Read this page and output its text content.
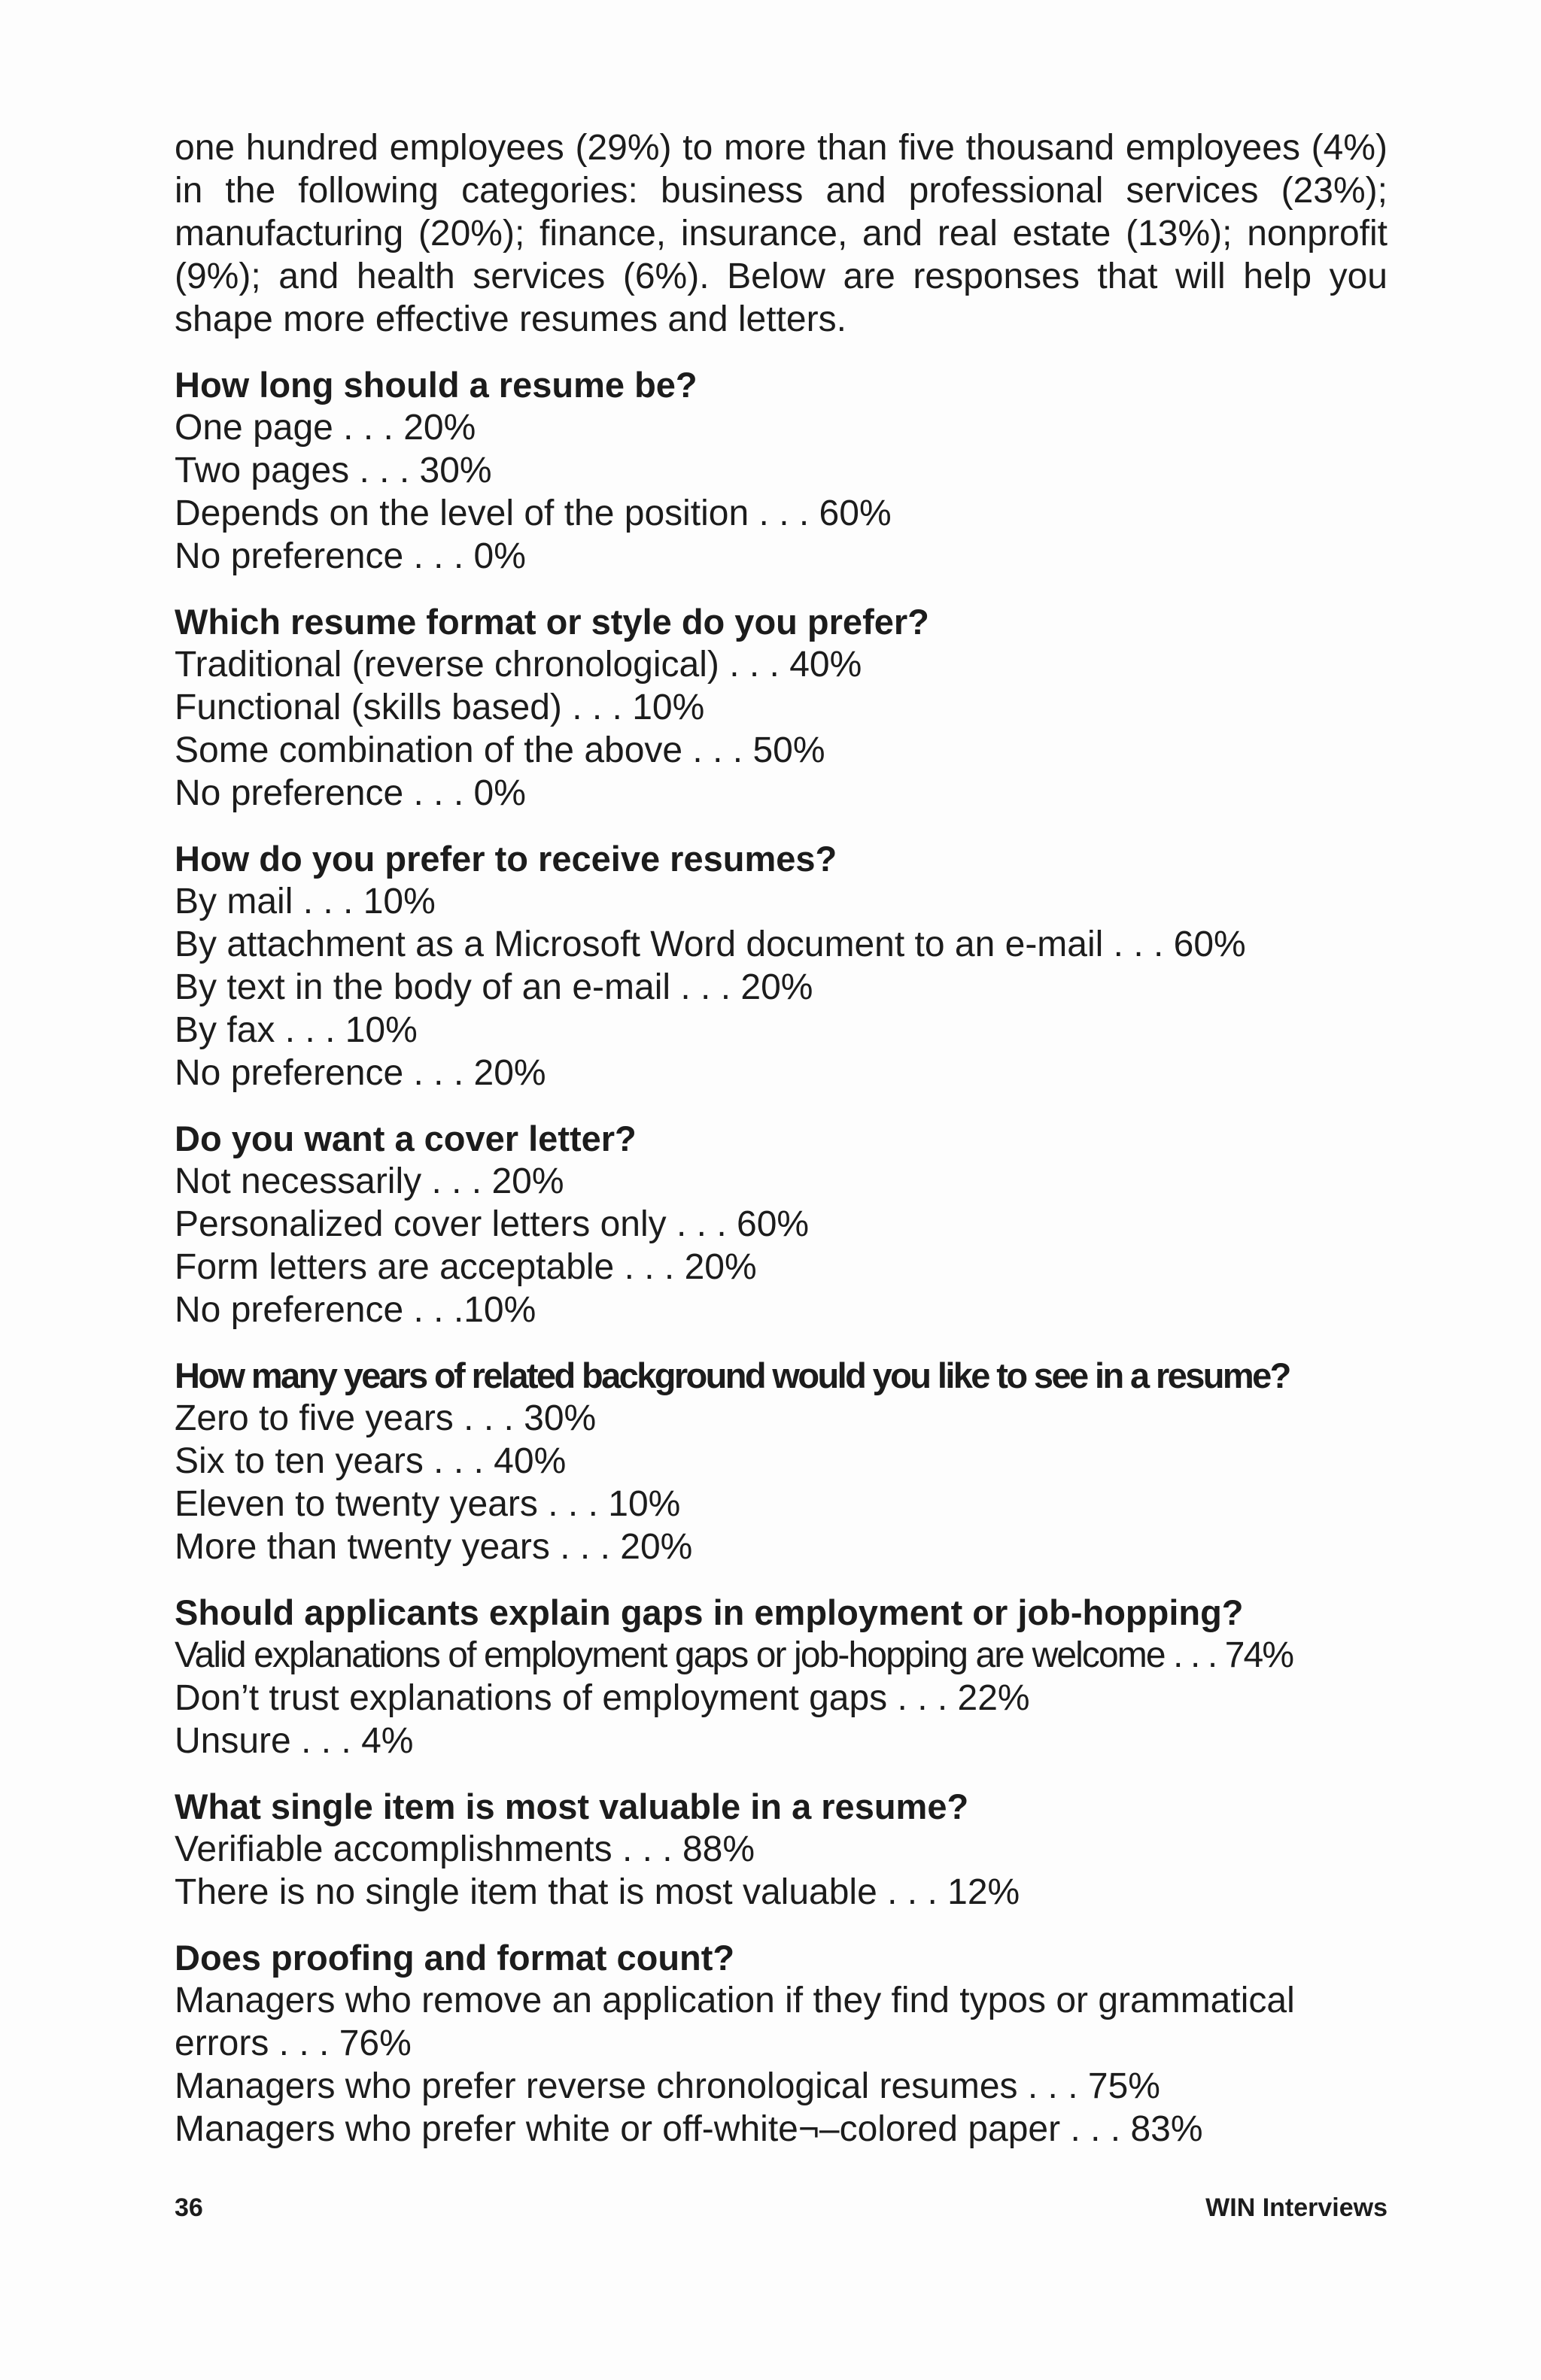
one hundred employees (29%) to more than five thousand employees (4%) in the following categories: business and professional services (23%); manufacturing (20%); finance, insurance, and real estate (13%); nonprofit (9%); and health services (6%). Below are responses that will help you shape more effective resumes and letters.

How long should a resume be?

One page . . . 20%

Two pages . . . 30%

Depends on the level of the position . . . 60%

No preference . . . 0%

Which resume format or style do you prefer?

Traditional (reverse chronological) . . . 40%

Functional (skills based) . . . 10%

Some combination of the above . . . 50%

No preference . . . 0%

How do you prefer to receive resumes?

By mail . . . 10%

By attachment as a Microsoft Word document to an e-mail . . . 60%

By text in the body of an e-mail . . . 20%

By fax . . . 10%

No preference . . . 20%

Do you want a cover letter?

Not necessarily . . . 20%

Personalized cover letters only . . . 60%

Form letters are acceptable . . . 20%

No preference . . .10%

How many years of related background would you like to see in a resume?

Zero to five years . . . 30%

Six to ten years . . . 40%

Eleven to twenty years . . . 10%

More than twenty years . . . 20%

Should applicants explain gaps in employment or job-hopping?

Valid explanations of employment gaps or job-hopping are welcome . . . 74%

Don’t trust explanations of employment gaps . . . 22%

Unsure . . . 4%

What single item is most valuable in a resume?

Verifiable accomplishments . . . 88%

There is no single item that is most valuable . . . 12%

Does proofing and format count?

Managers who remove an application if they find typos or grammatical errors . . . 76%

Managers who prefer reverse chronological resumes . . . 75%

Managers who prefer white or off-white¬–colored paper . . . 83%

36	WIN Interviews
